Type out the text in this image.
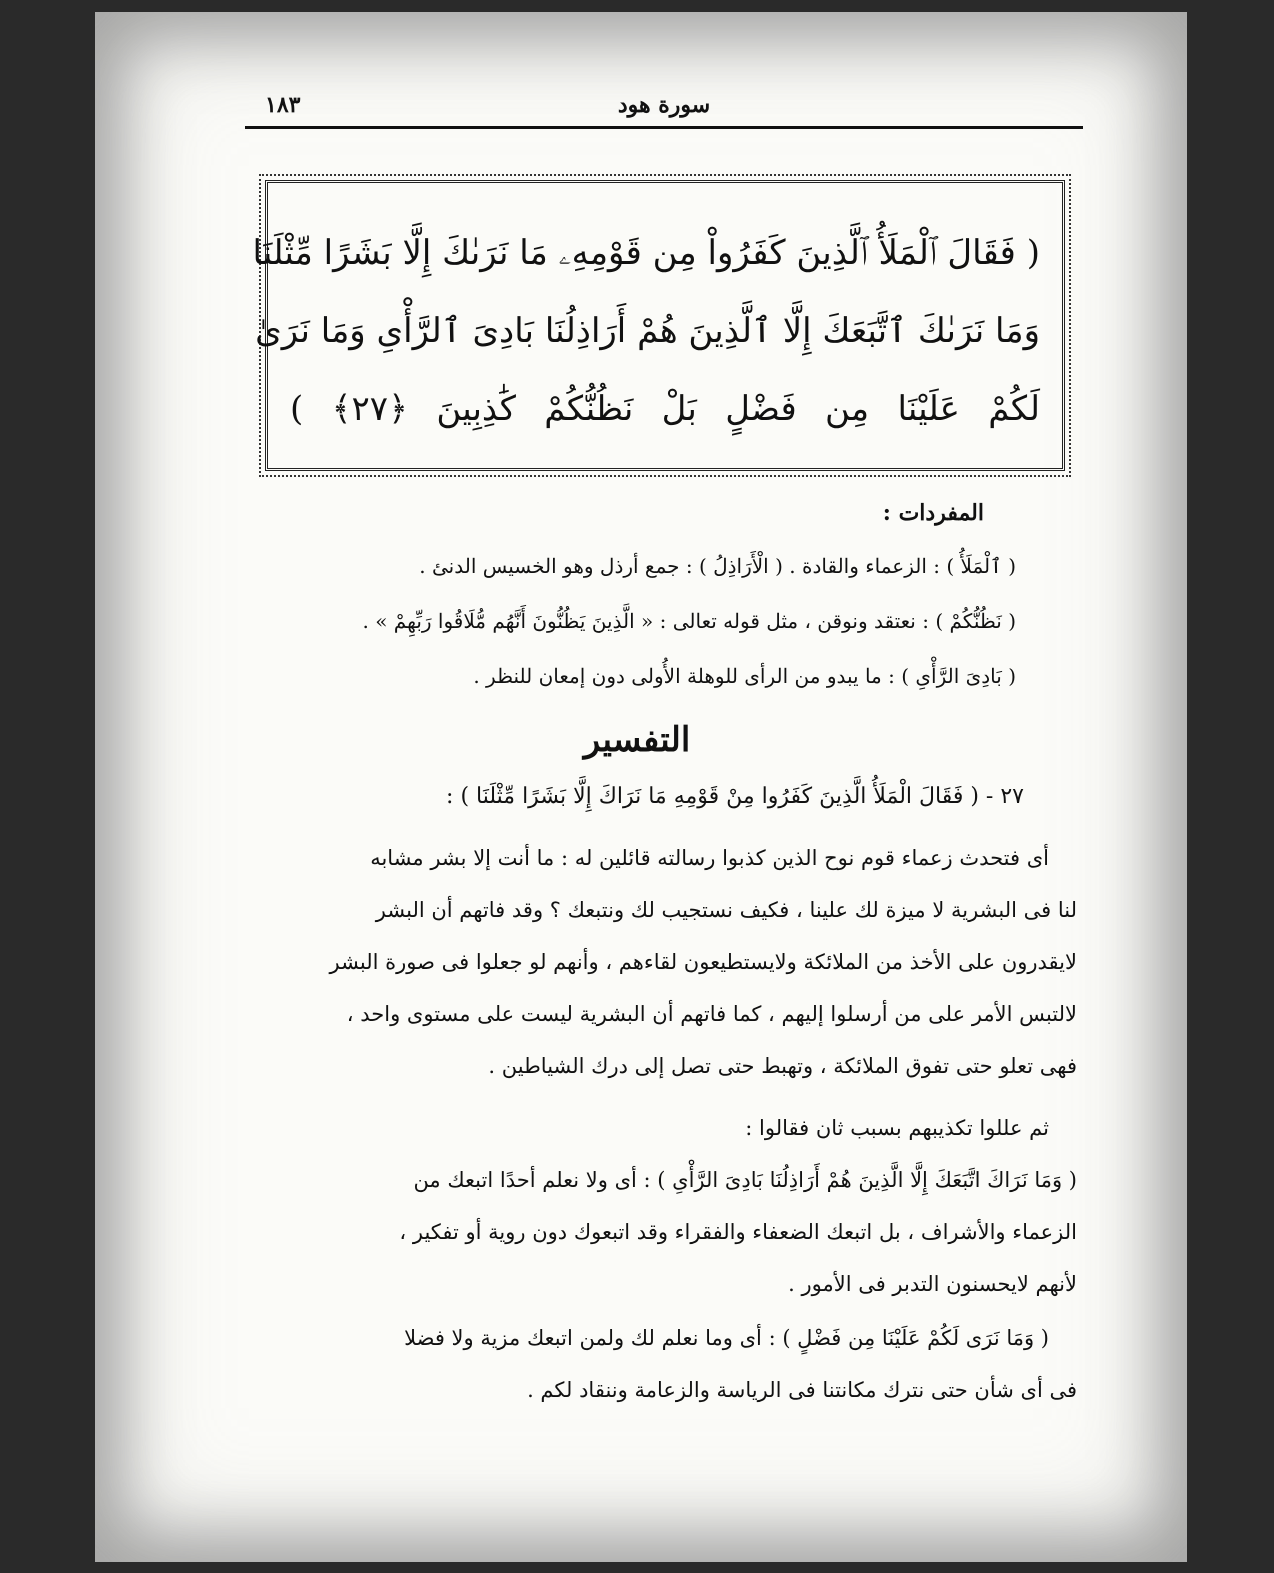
١٨٣	سورة هود
( فَقَالَ ٱلْمَلَأُ ٱلَّذِينَ كَفَرُواْ مِن قَوْمِهِۦ مَا نَرَىٰكَ إِلَّا بَشَرًا مِّثْلَنَا
وَمَا نَرَىٰكَ ٱتَّبَعَكَ إِلَّا ٱلَّذِينَ هُمْ أَرَاذِلُنَا بَادِىَ ٱلرَّأْىِ وَمَا نَرَىٰ
لَكُمْ عَلَيْنَا مِن فَضْلٍ بَلْ نَظُنُّكُمْ كَٰذِبِينَ ﴿٢٧﴾ )
المفردات :
( ٱلْمَلَأُ ) : الزعماء والقادة . ( الْأَرَاذِلُ ) : جمع أرذل وهو الخسيس الدنئ .
( نَظُنُّكُمْ ) : نعتقد ونوقن ، مثل قوله تعالى : « الَّذِينَ يَظُنُّونَ أَنَّهُم مُّلَاقُوا رَبِّهِمْ » .
( بَادِىَ الرَّأْىِ ) : ما يبدو من الرأى للوهلة الأُولى دون إمعان للنظر .
التفسير
٢٧ - ( فَقَالَ الْمَلَأُ الَّذِينَ كَفَرُوا مِنْ قَوْمِهِ مَا نَرَاكَ إِلَّا بَشَرًا مِّثْلَنَا ) :
أى فتحدث زعماء قوم نوح الذين كذبوا رسالته قائلين له : ما أنت إلا بشر مشابه
لنا فى البشرية لا ميزة لك علينا ، فكيف نستجيب لك ونتبعك ؟ وقد فاتهم أن البشر
لايقدرون على الأخذ من الملائكة ولايستطيعون لقاءهم ، وأنهم لو جعلوا فى صورة البشر
لالتبس الأمر على من أرسلوا إليهم ، كما فاتهم أن البشرية ليست على مستوى واحد ،
فهى تعلو حتى تفوق الملائكة ، وتهبط حتى تصل إلى درك الشياطين .
ثم عللوا تكذيبهم بسبب ثان فقالوا :
( وَمَا نَرَاكَ اتَّبَعَكَ إِلَّا الَّذِينَ هُمْ أَرَاذِلُنَا بَادِىَ الرَّأْىِ ) : أى ولا نعلم أحدًا اتبعك من
الزعماء والأشراف ، بل اتبعك الضعفاء والفقراء وقد اتبعوك دون روية أو تفكير ،
لأنهم لايحسنون التدبر فى الأمور .
( وَمَا نَرَى لَكُمْ عَلَيْنَا مِن فَضْلٍ ) : أى وما نعلم لك ولمن اتبعك مزية ولا فضلا
فى أى شأن حتى نترك مكانتنا فى الرياسة والزعامة وننقاد لكم .
